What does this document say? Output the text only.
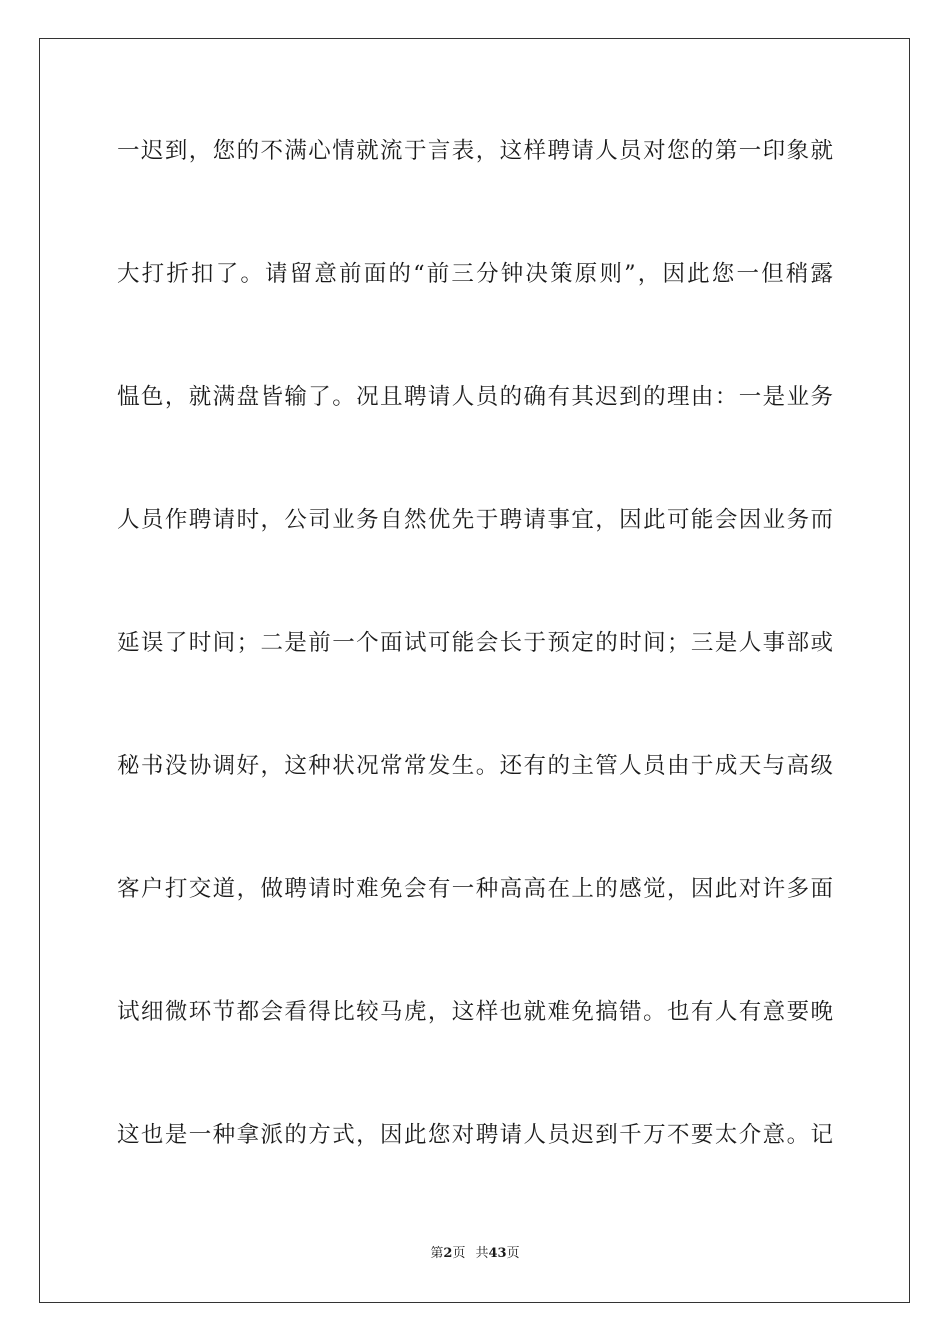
一迟到，您的不满心情就流于言表，这样聘请人员对您的第一印象就
大打折扣了。请留意前面的“前三分钟决策原则”，因此您一但稍露
愠色，就满盘皆输了。况且聘请人员的确有其迟到的理由：一是业务
人员作聘请时，公司业务自然优先于聘请事宜，因此可能会因业务而
延误了时间；二是前一个面试可能会长于预定的时间；三是人事部或
秘书没协调好，这种状况常常发生。还有的主管人员由于成天与高级
客户打交道，做聘请时难免会有一种高高在上的感觉，因此对许多面
试细微环节都会看得比较马虎，这样也就难免搞错。也有人有意要晚
这也是一种拿派的方式，因此您对聘请人员迟到千万不要太介意。记
第2页 共43页
